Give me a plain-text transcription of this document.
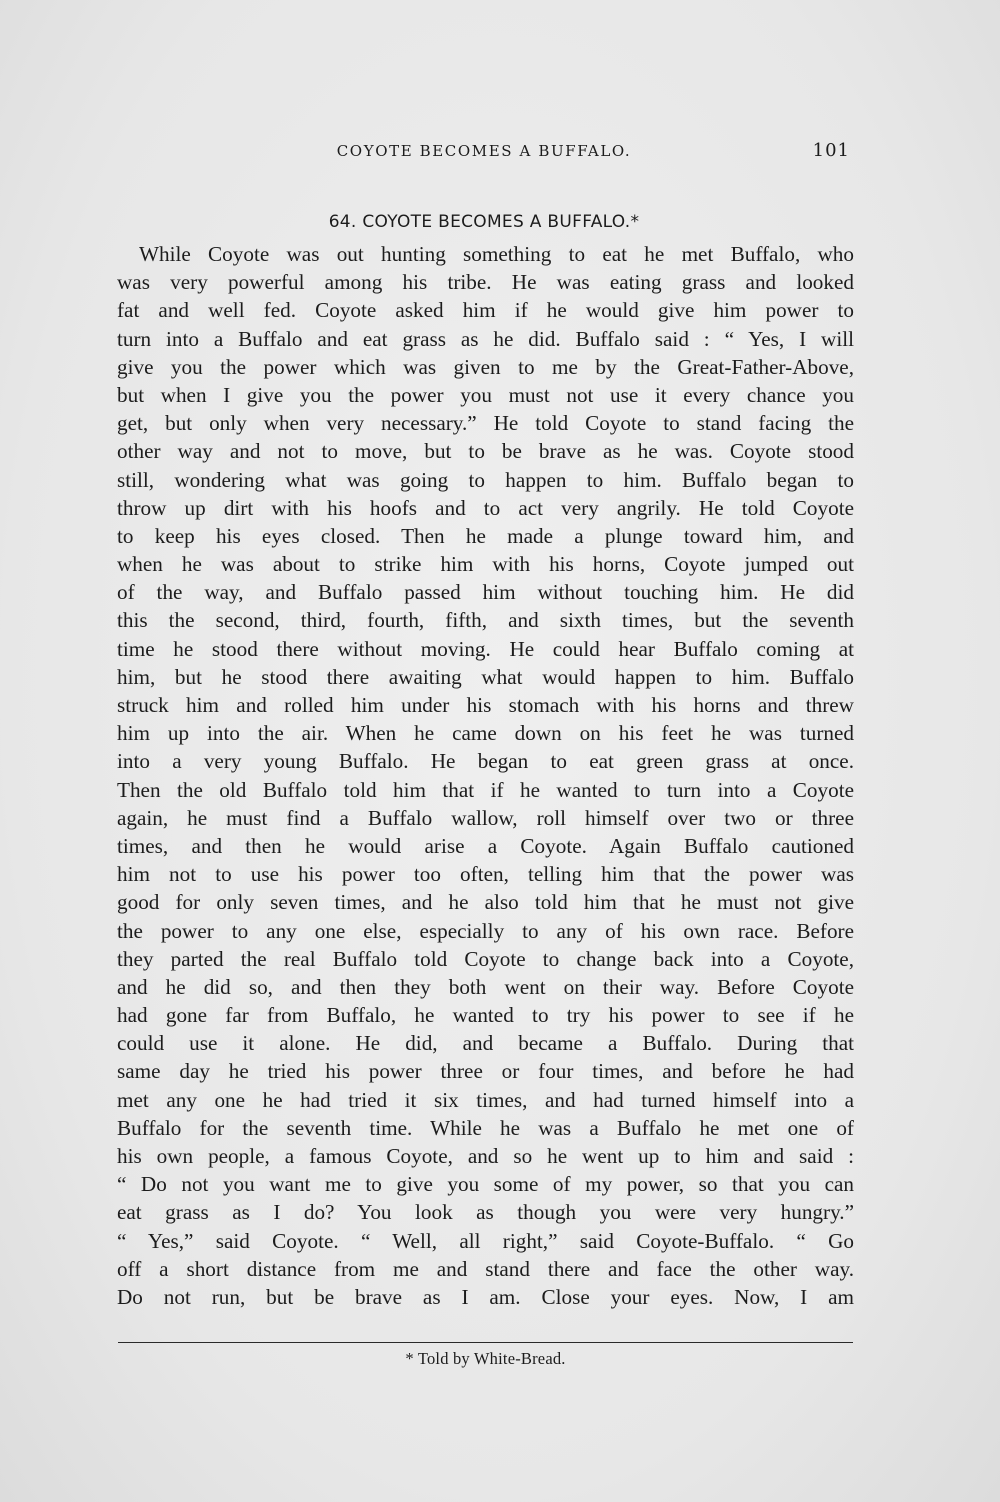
COYOTE BECOMES A BUFFALO.	101
64. COYOTE BECOMES A BUFFALO.*
While Coyote was out hunting something to eat he met Buffalo, who
was very powerful among his tribe. He was eating grass and looked
fat and well fed. Coyote asked him if he would give him power to
turn into a Buffalo and eat grass as he did. Buffalo said : “ Yes, I will
give you the power which was given to me by the Great-Father-Above,
but when I give you the power you must not use it every chance you
get, but only when very necessary.” He told Coyote to stand facing the
other way and not to move, but to be brave as he was. Coyote stood
still, wondering what was going to happen to him. Buffalo began to
throw up dirt with his hoofs and to act very angrily. He told Coyote
to keep his eyes closed. Then he made a plunge toward him, and
when he was about to strike him with his horns, Coyote jumped out
of the way, and Buffalo passed him without touching him. He did
this the second, third, fourth, fifth, and sixth times, but the seventh
time he stood there without moving. He could hear Buffalo coming at
him, but he stood there awaiting what would happen to him. Buffalo
struck him and rolled him under his stomach with his horns and threw
him up into the air. When he came down on his feet he was turned
into a very young Buffalo. He began to eat green grass at once.
Then the old Buffalo told him that if he wanted to turn into a Coyote
again, he must find a Buffalo wallow, roll himself over two or three
times, and then he would arise a Coyote. Again Buffalo cautioned
him not to use his power too often, telling him that the power was
good for only seven times, and he also told him that he must not give
the power to any one else, especially to any of his own race. Before
they parted the real Buffalo told Coyote to change back into a Coyote,
and he did so, and then they both went on their way. Before Coyote
had gone far from Buffalo, he wanted to try his power to see if he
could use it alone. He did, and became a Buffalo. During that
same day he tried his power three or four times, and before he had
met any one he had tried it six times, and had turned himself into a
Buffalo for the seventh time. While he was a Buffalo he met one of
his own people, a famous Coyote, and so he went up to him and said :
“ Do not you want me to give you some of my power, so that you can
eat grass as I do? You look as though you were very hungry.”
“ Yes,” said Coyote. “ Well, all right,” said Coyote-Buffalo. “ Go
off a short distance from me and stand there and face the other way.
Do not run, but be brave as I am. Close your eyes. Now, I am
* Told by White-Bread.
